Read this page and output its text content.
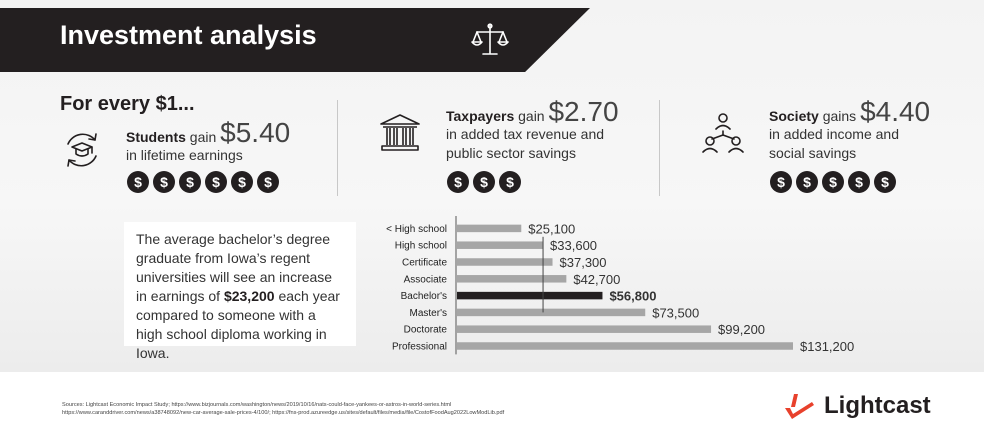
Investment analysis
For every $1...
Students gain $5.40
in lifetime earnings
$	$	$	$	$	$
Taxpayers gain $2.70
in added tax revenue and
public sector savings
$	$	$
Society gains $4.40
in added income and
social savings
$	$	$	$	$
The average bachelor’s degree graduate from Iowa’s regent universities will see an increase in earnings of $23,200 each year compared to someone with a high school diploma working in Iowa.
< High school	$25,100
High school	$33,600
Certificate	$37,300
Associate	$42,700
Bachelor's	$56,800
Master's	$73,500
Doctorate	$99,200
Professional	$131,200
Sources: Lightcast Economic Impact Study; https://www.bizjournals.com/washington/news/2019/10/16/nats-could-face-yankees-or-astros-in-world-series.html
https://www.caranddriver.com/news/a38748092/new-car-average-sale-prices-4/100/; https://fns-prod.azureedge.us/sites/default/files/media/file/CostofFoodAug2022LowModLib.pdf	Lightcast
